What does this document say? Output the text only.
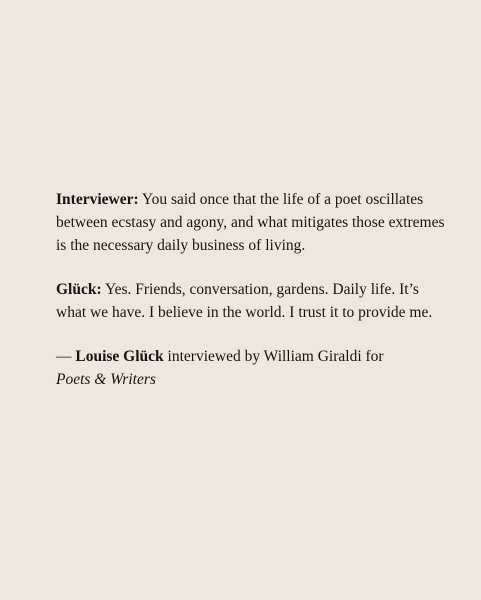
Interviewer: You said once that the life of a poet oscillates between ecstasy and agony, and what mitigates those extremes is the necessary daily business of living.

Glück: Yes. Friends, conversation, gardens. Daily life. It’s what we have. I believe in the world. I trust it to provide me.

— Louise Glück interviewed by William Giraldi for
Poets & Writers
